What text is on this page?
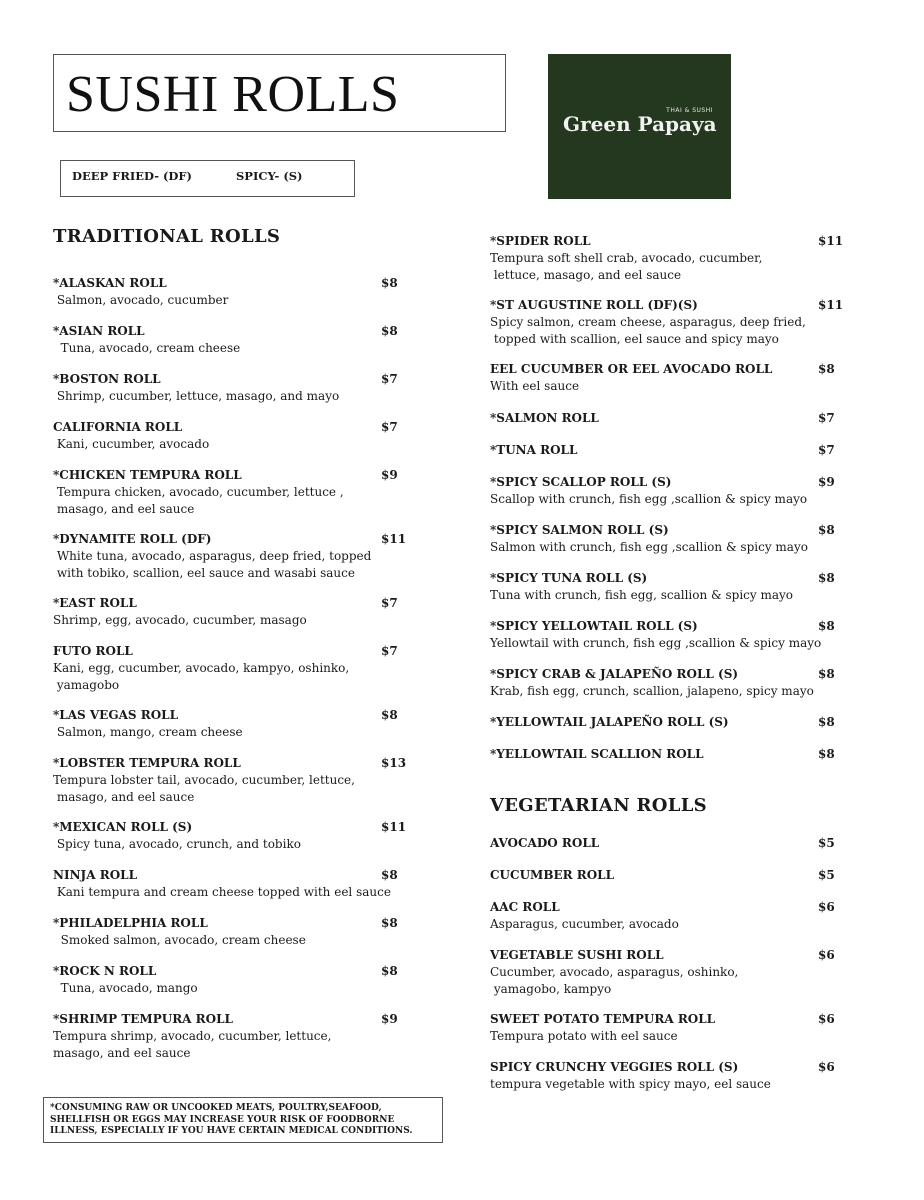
SUSHI ROLLS	THAI & SUSHI
Green Papaya
DEEP FRIED- (DF)	SPICY- (S)
TRADITIONAL ROLLS
*ALASKAN ROLL	$8
Salmon, avocado, cucumber
*ASIAN ROLL	$8
Tuna, avocado, cream cheese
*BOSTON ROLL	$7
Shrimp, cucumber, lettuce, masago, and mayo
CALIFORNIA ROLL	$7
Kani, cucumber, avocado
*CHICKEN TEMPURA ROLL	$9
Tempura chicken, avocado, cucumber, lettuce ,
masago, and eel sauce
*DYNAMITE ROLL (DF)	$11
White tuna, avocado, asparagus, deep fried, topped
with tobiko, scallion, eel sauce and wasabi sauce
*EAST ROLL	$7
Shrimp, egg, avocado, cucumber, masago
FUTO ROLL	$7
Kani, egg, cucumber, avocado, kampyo, oshinko,
yamagobo
*LAS VEGAS ROLL	$8
Salmon, mango, cream cheese
*LOBSTER TEMPURA ROLL	$13
Tempura lobster tail, avocado, cucumber, lettuce,
masago, and eel sauce
*MEXICAN ROLL (S)	$11
Spicy tuna, avocado, crunch, and tobiko
NINJA ROLL	$8
Kani tempura and cream cheese topped with eel sauce
*PHILADELPHIA ROLL	$8
Smoked salmon, avocado, cream cheese
*ROCK N ROLL	$8
Tuna, avocado, mango
*SHRIMP TEMPURA ROLL	$9
Tempura shrimp, avocado, cucumber, lettuce,
masago, and eel sauce
*SPIDER ROLL	$11
Tempura soft shell crab, avocado, cucumber,
lettuce, masago, and eel sauce
*ST AUGUSTINE ROLL (DF)(S)	$11
Spicy salmon, cream cheese, asparagus, deep fried,
topped with scallion, eel sauce and spicy mayo
EEL CUCUMBER OR EEL AVOCADO ROLL	$8
With eel sauce
*SALMON ROLL	$7
*TUNA ROLL	$7
*SPICY SCALLOP ROLL (S)	$9
Scallop with crunch, fish egg ,scallion & spicy mayo
*SPICY SALMON ROLL (S)	$8
Salmon with crunch, fish egg ,scallion & spicy mayo
*SPICY TUNA ROLL (S)	$8
Tuna with crunch, fish egg, scallion & spicy mayo
*SPICY YELLOWTAIL ROLL (S)	$8
Yellowtail with crunch, fish egg ,scallion & spicy mayo
*SPICY CRAB & JALAPEÑO ROLL (S)	$8
Krab, fish egg, crunch, scallion, jalapeno, spicy mayo
*YELLOWTAIL JALAPEÑO ROLL (S)	$8
*YELLOWTAIL SCALLION ROLL	$8
VEGETARIAN ROLLS
AVOCADO ROLL	$5
CUCUMBER ROLL	$5
AAC ROLL	$6
Asparagus, cucumber, avocado
VEGETABLE SUSHI ROLL	$6
Cucumber, avocado, asparagus, oshinko,
yamagobo, kampyo
SWEET POTATO TEMPURA ROLL	$6
Tempura potato with eel sauce
SPICY CRUNCHY VEGGIES ROLL (S)	$6
tempura vegetable with spicy mayo, eel sauce
*CONSUMING RAW OR UNCOOKED MEATS, POULTRY,SEAFOOD, SHELLFISH OR EGGS MAY INCREASE YOUR RISK OF FOODBORNE ILLNESS, ESPECIALLY IF YOU HAVE CERTAIN MEDICAL CONDITIONS.
